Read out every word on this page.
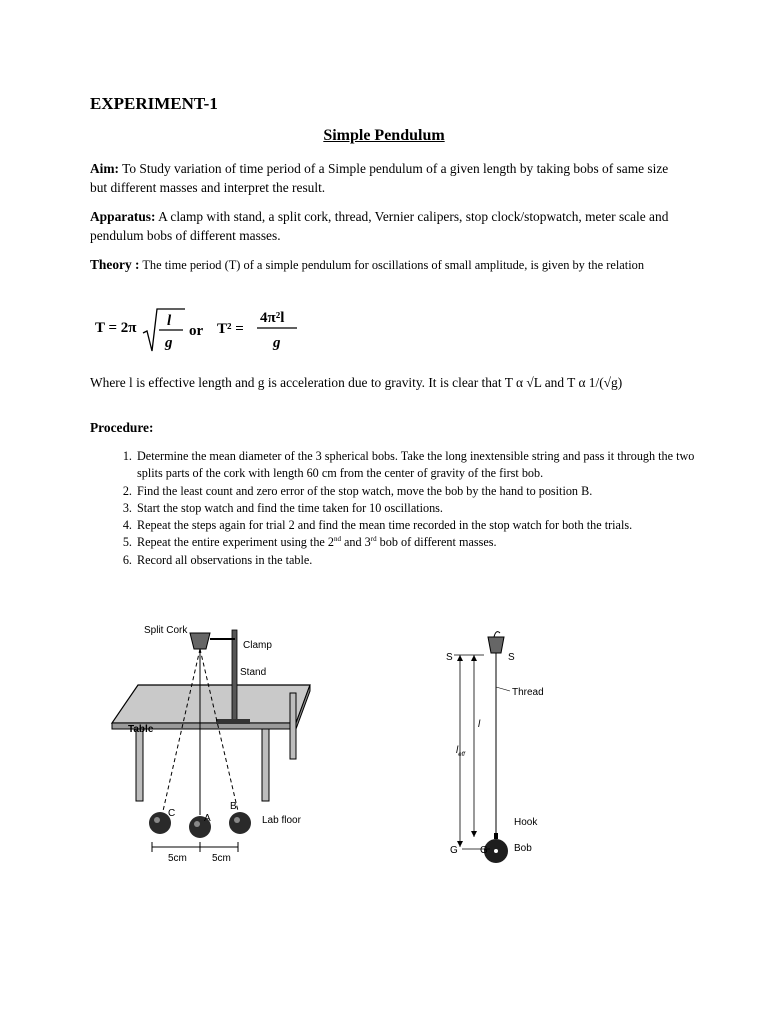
EXPERIMENT-1
Simple Pendulum
Aim: To Study variation of time period of a Simple pendulum of a given length by taking bobs of same size but different masses and interpret the result.
Apparatus: A clamp with stand, a split cork, thread, Vernier calipers, stop clock/stopwatch, meter scale and pendulum bobs of different masses.
Theory : The time period (T) of a simple pendulum for oscillations of small amplitude, is given by the relation
T = 2π l
g
or T² =
4π²l
g
Where l is effective length and g is acceleration due to gravity. It is clear that T α √L and T α 1/(√g)
Procedure:
1. Determine the mean diameter of the 3 spherical bobs. Take the long inextensible string and pass it through the two splits parts of the cork with length 60 cm from the center of gravity of the first bob.
2. Find the least count and zero error of the stop watch, move the bob by the hand to position B.
3. Start the stop watch and find the time taken for 10 oscillations.
4. Repeat the steps again for trial 2 and find the mean time recorded in the stop watch for both the trials.
5. Repeat the entire experiment using the 2nd and 3rd bob of different masses.
6. Record all observations in the table.
Split Cork
Clamp
Stand
Table
C	A
B
Lab floor
5cm	5cm
S	S
Thread
l
$l_{eff}$
Hook
G G	Bob
